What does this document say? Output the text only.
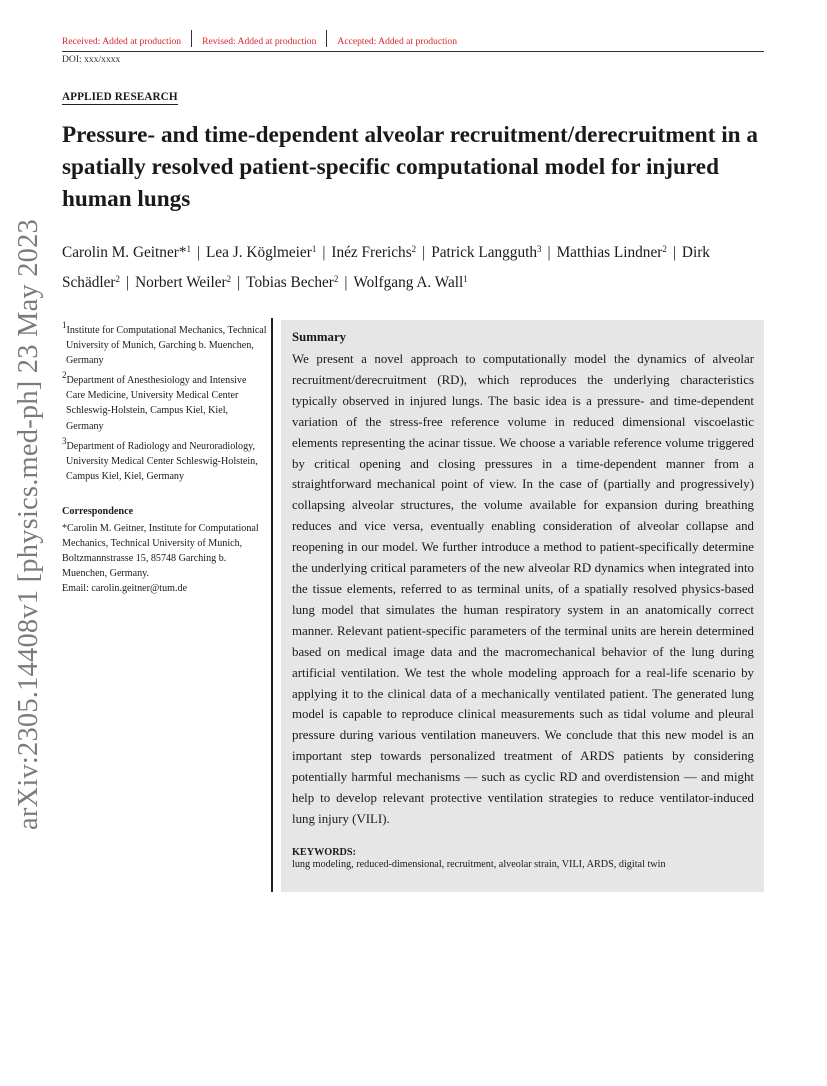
Received: Added at production	Revised: Added at production	Accepted: Added at production
DOI: xxx/xxxx
APPLIED RESEARCH
Pressure- and time-dependent alveolar recruitment/derecruitment in a spatially resolved patient-specific computational model for injured human lungs
Carolin M. Geitner*$^1$ | Lea J. Köglmeier$^1$ | Inéz Frerichs$^2$ | Patrick Langguth$^3$ | Matthias Lindner$^2$ | Dirk Schädler$^2$ | Norbert Weiler$^2$ | Tobias Becher$^2$ | Wolfgang A. Wall$^1$
arXiv:2305.14408v1 [physics.med-ph] 23 May 2023 $^1$Institute for Computational Mechanics, Technical University of Munich, Garching b. Muenchen, Germany

$^2$Department of Anesthesiology and Intensive Care Medicine, University Medical Center Schleswig-Holstein, Campus Kiel, Kiel, Germany

$^3$Department of Radiology and Neuroradiology, University Medical Center Schleswig-Holstein, Campus Kiel, Kiel, Germany

Correspondence
*Carolin M. Geitner, Institute for Computational Mechanics, Technical University of Munich, Boltzmannstrasse 15, 85748 Garching b. Muenchen, Germany.
Email: carolin.geitner@tum.de
Summary

We present a novel approach to computationally model the dynamics of alveolar recruitment/derecruitment (RD), which reproduces the underlying characteristics typically observed in injured lungs. The basic idea is a pressure- and time-dependent variation of the stress-free reference volume in reduced dimensional viscoelastic elements representing the acinar tissue. We choose a variable reference volume triggered by critical opening and closing pressures in a time-dependent manner from a straightforward mechanical point of view. In the case of (partially and progressively) collapsing alveolar structures, the volume available for expansion during breathing reduces and vice versa, eventually enabling consideration of alveolar collapse and reopening in our model. We further introduce a method to patient-specifically determine the underlying critical parameters of the new alveolar RD dynamics when integrated into the tissue elements, referred to as terminal units, of a spatially resolved physics-based lung model that simulates the human respiratory system in an anatomically correct manner. Relevant patient-specific parameters of the terminal units are herein determined based on medical image data and the macromechanical behavior of the lung during artificial ventilation. We test the whole modeling approach for a real-life scenario by applying it to the clinical data of a mechanically ventilated patient. The generated lung model is capable to reproduce clinical measurements such as tidal volume and pleural pressure during various ventilation maneuvers. We conclude that this new model is an important step towards personalized treatment of ARDS patients by considering potentially harmful mechanisms — such as cyclic RD and overdistension — and might help to develop relevant protective ventilation strategies to reduce ventilator-induced lung injury (VILI).

KEYWORDS:
lung modeling, reduced-dimensional, recruitment, alveolar strain, VILI, ARDS, digital twin
